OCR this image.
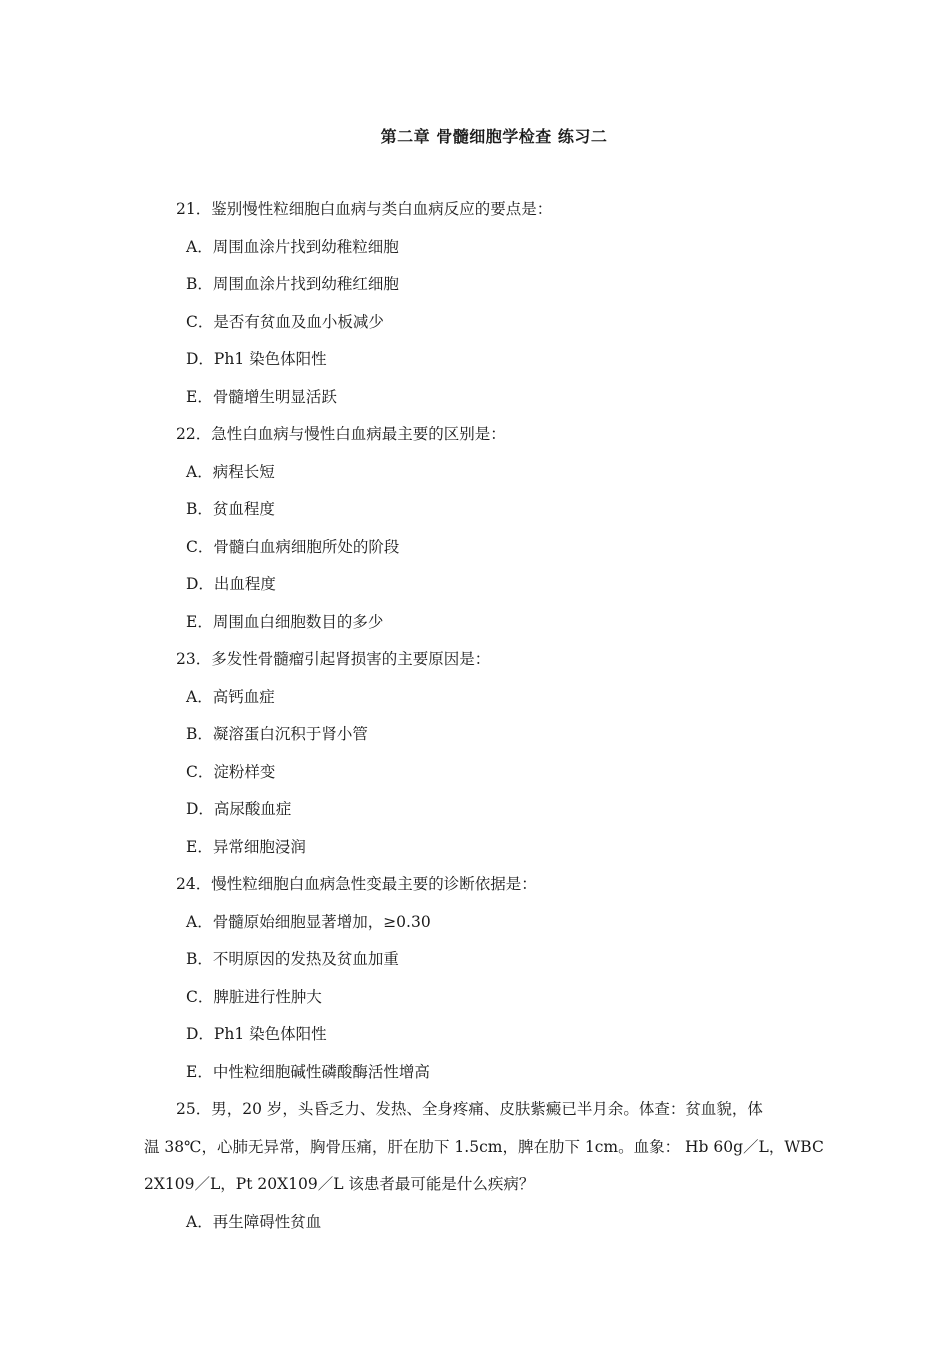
第二章 骨髓细胞学检查 练习二
21．鉴别慢性粒细胞白血病与类白血病反应的要点是：
A．周围血涂片找到幼稚粒细胞
B．周围血涂片找到幼稚红细胞
C．是否有贫血及血小板减少
D．Ph1 染色体阳性
E．骨髓增生明显活跃
22．急性白血病与慢性白血病最主要的区别是：
A．病程长短
B．贫血程度
C．骨髓白血病细胞所处的阶段
D．出血程度
E．周围血白细胞数目的多少
23．多发性骨髓瘤引起肾损害的主要原因是：
A．高钙血症
B．凝溶蛋白沉积于肾小管
C．淀粉样变
D．高尿酸血症
E．异常细胞浸润
24．慢性粒细胞白血病急性变最主要的诊断依据是：
A．骨髓原始细胞显著增加，≥0.30
B．不明原因的发热及贫血加重
C．脾脏进行性肿大
D．Ph1 染色体阳性
E．中性粒细胞碱性磷酸酶活性增高
25．男，20 岁，头昏乏力、发热、全身疼痛、皮肤紫癜已半月余。体查：贫血貌，体
温 38℃，心肺无异常，胸骨压痛，肝在肋下 1.5cm，脾在肋下 1cm。血象： Hb 60g／L，WBC
2X109／L，Pt 20X109／L 该患者最可能是什么疾病？
A．再生障碍性贫血
